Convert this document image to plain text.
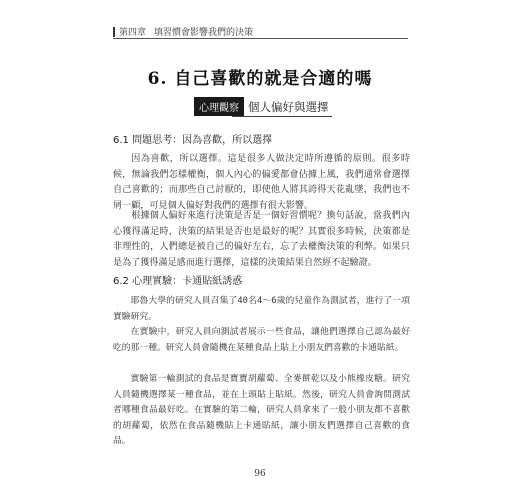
第四章 填習慣會影響我們的決策
6. 自己喜歡的就是合適的嗎
心理觀察 個人偏好與選擇
6.1 問題思考：因為喜歡，所以選擇

因為喜歡，所以選擇。這是很多人做決定時所遵循的原則。很多時候，無論我們怎樣權衡，個人內心的偏愛都會佔據上風，我們通常會選擇自己喜歡的；而那些自己討厭的，即使他人將其誇得天花亂墜，我們也不屑一顧，可見個人偏好對我們的選擇有很大影響。

根據個人偏好來進行決策是否是一個好習慣呢？換句話說，當我們內心獲得滿足時，決策的結果是否也是最好的呢？其實很多時候，決策都是非理性的，人們總是被自己的偏好左右，忘了去權衡決策的利弊。如果只是為了獲得滿足感而進行選擇，這樣的決策結果自然經不起驗證。

6.2 心理實驗：卡通貼紙誘惑

耶魯大學的研究人員召集了40名4～6歲的兒童作為測試者，進行了一項實驗研究。

在實驗中，研究人員向測試者展示一些食品，讓他們選擇自己認為最好吃的那一種。研究人員會隨機在某種食品上貼上小朋友們喜歡的卡通貼紙。

實驗第一輪測試的食品是寶寶胡蘿蔔、全麥餅乾以及小熊橡皮糖。研究人員隨機選擇某一種食品，並在上頭貼上貼紙。然後，研究人員會詢問測試者哪種食品最好吃。在實驗的第二輪，研究人員拿來了一般小朋友都不喜歡的胡蘿蔔，依然在食品隨機貼上卡通貼紙，讓小朋友們選擇自己喜歡的食品。

96
